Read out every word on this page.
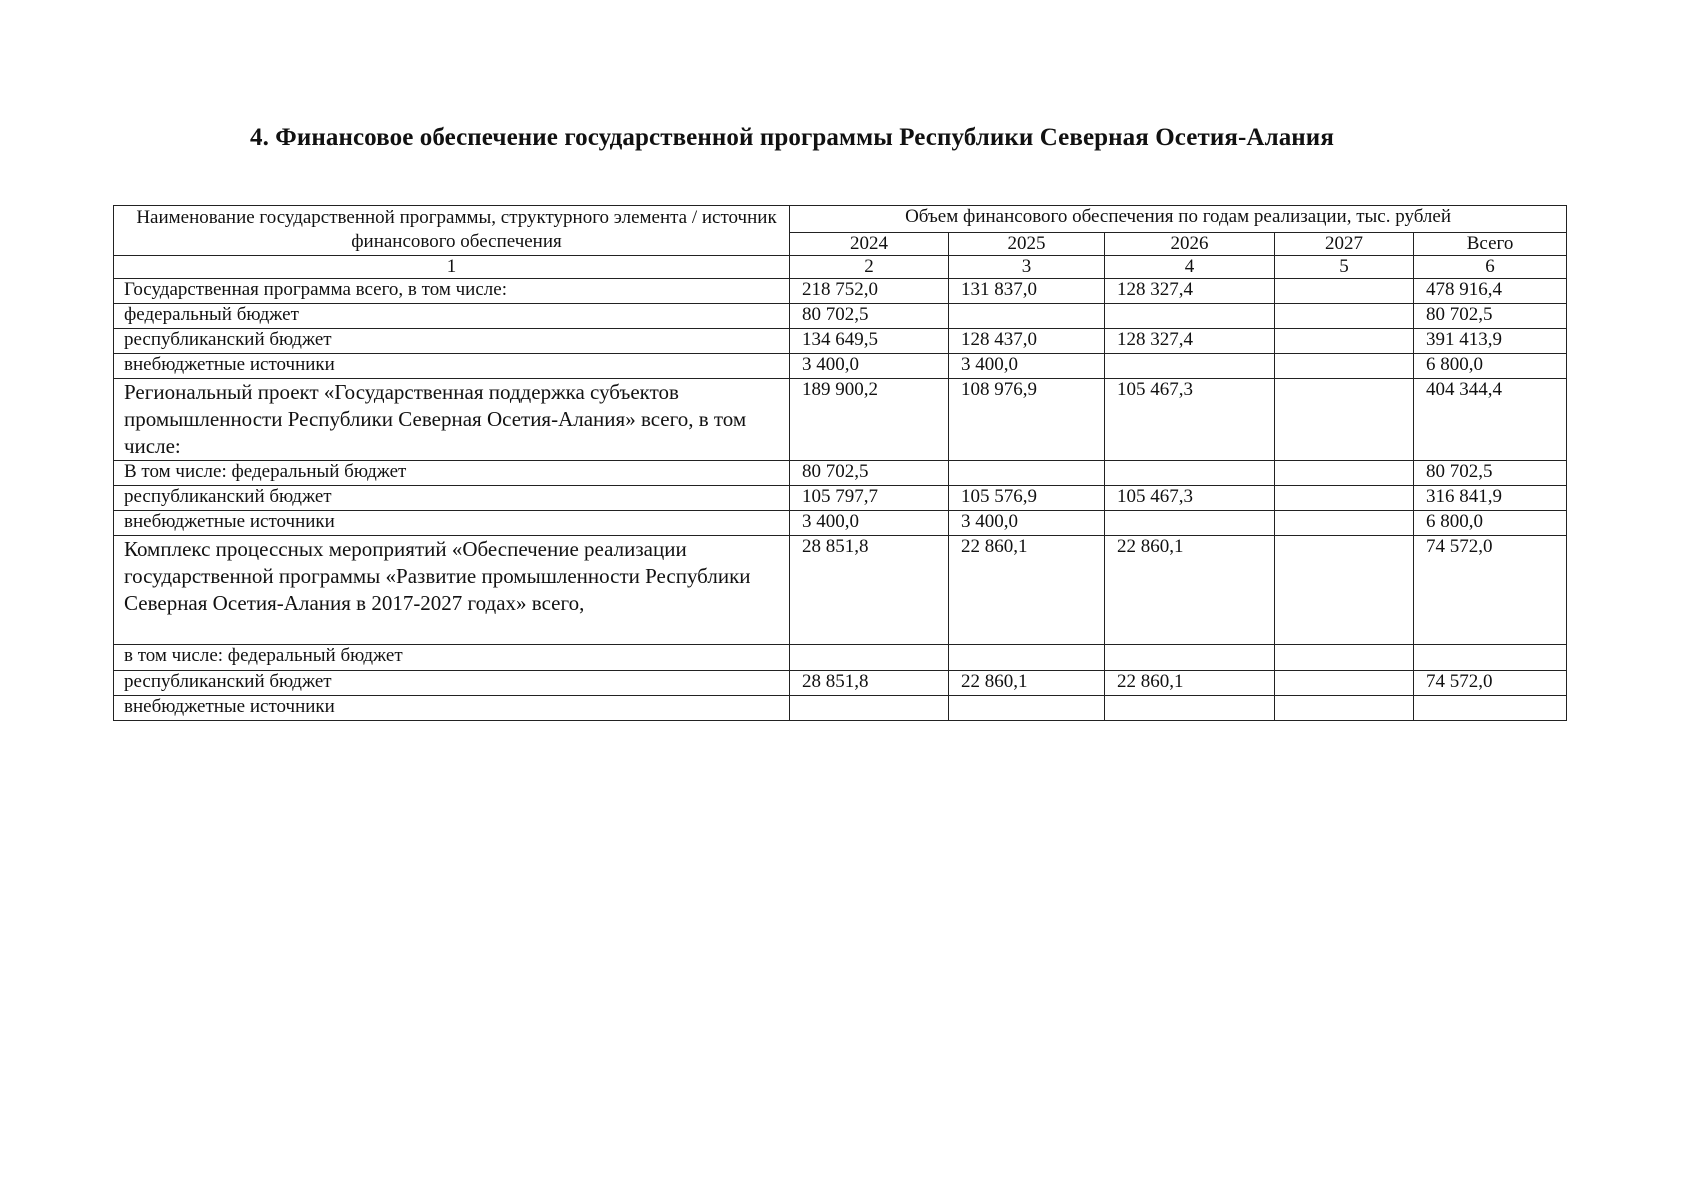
4. Финансовое обеспечение государственной программы Республики Северная Осетия-Алания
Наименование государственной программы, структурного элемента / источник финансового обеспечения	Объем финансового обеспечения по годам реализации, тыс. рублей				
	2024	2025	2026	2027	Всего
1	2	3	4	5	6
Государственная программа всего, в том числе:	218 752,0	131 837,0	128 327,4		478 916,4
федеральный бюджет	80 702,5				80 702,5
республиканский бюджет	134 649,5	128 437,0	128 327,4		391 413,9
внебюджетные источники	3 400,0	3 400,0			6 800,0
Региональный проект «Государственная поддержка субъектов промышленности Республики Северная Осетия-Алания» всего, в том числе:	189 900,2	108 976,9	105 467,3		404 344,4
В том числе: федеральный бюджет	80 702,5				80 702,5
республиканский бюджет	105 797,7	105 576,9	105 467,3		316 841,9
внебюджетные источники	3 400,0	3 400,0			6 800,0
Комплекс процессных мероприятий «Обеспечение реализации государственной программы «Развитие промышленности Республики Северная Осетия-Алания в 2017-2027 годах» всего,	28 851,8	22 860,1	22 860,1		74 572,0
в том числе: федеральный бюджет					
республиканский бюджет	28 851,8	22 860,1	22 860,1		74 572,0
внебюджетные источники					
